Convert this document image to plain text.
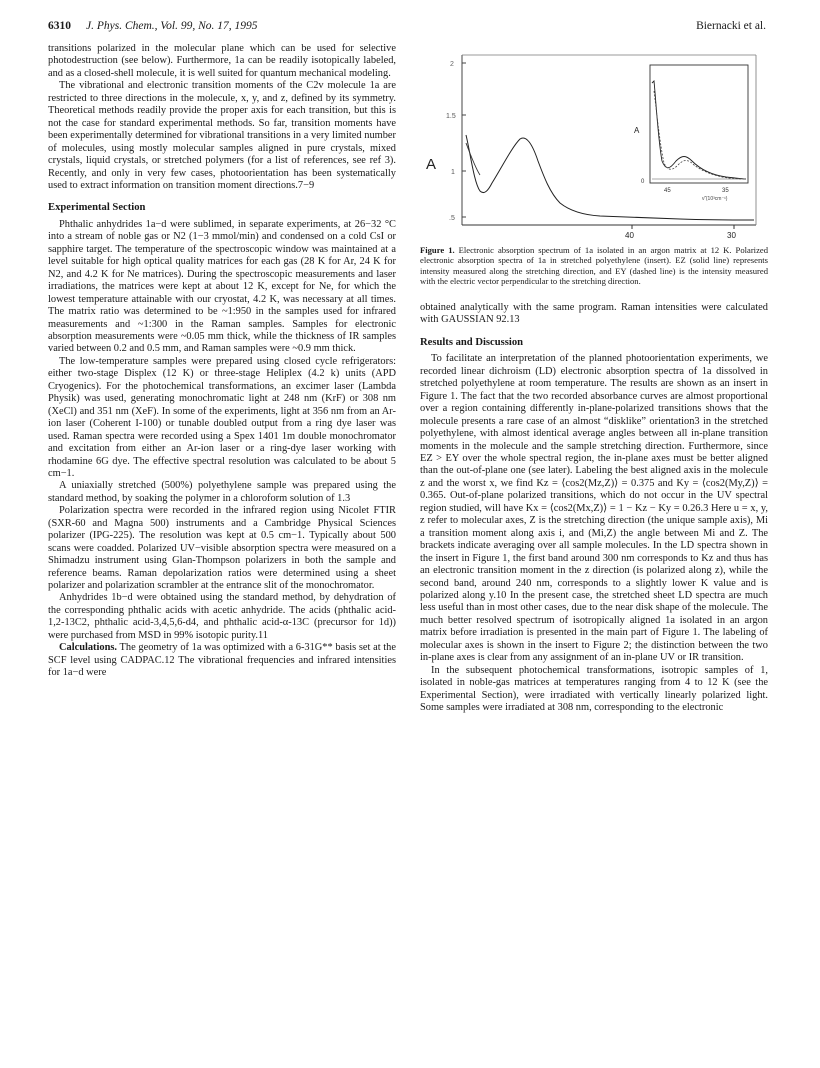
6310 J. Phys. Chem., Vol. 99, No. 17, 1995	Biernacki et al.

transitions polarized in the molecular plane which can be used for selective photodestruction (see below). Furthermore, 1a can be readily isotopically labeled, and as a closed-shell molecule, it is well suited for quantum mechanical modeling.

The vibrational and electronic transition moments of the C2v molecule 1a are restricted to three directions in the molecule, x, y, and z, defined by its symmetry. Theoretical methods readily provide the proper axis for each transition, but this is not the case for standard experimental methods. So far, transition moments have been experimentally determined for vibrational transitions in a very limited number of molecules, using mostly molecular samples aligned in pure crystals, mixed crystals, liquid crystals, or stretched polymers (for a list of references, see ref 3). Recently, and only in very few cases, photoorientation has been systematically used to extract information on transition moment directions.7−9

Experimental Section

Phthalic anhydrides 1a−d were sublimed, in separate experiments, at 26−32 °C into a stream of noble gas or N2 (1−3 mmol/min) and condensed on a cold CsI or sapphire target. The temperature of the spectroscopic window was maintained at a level suitable for high optical quality matrices for each gas (28 K for Ar, 24 K for N2, and 4.2 K for Ne matrices). During the spectroscopic measurements and laser irradiations, the matrices were kept at about 12 K, except for Ne, for which the lowest temperature attainable with our cryostat, 4.2 K, was necessary at all times. The matrix ratio was determined to be ~1:950 in the samples used for infrared measurements and ~1:300 in the Raman samples. Samples for electronic absorption measurements were ~0.05 mm thick, while the thickness of IR samples varied between 0.2 and 0.5 mm, and Raman samples were ~0.9 mm thick.

The low-temperature samples were prepared using closed cycle refrigerators: either two-stage Displex (12 K) or three-stage Heliplex (4.2 k) units (APD Cryogenics). For the photochemical transformations, an excimer laser (Lambda Physik) was used, generating monochromatic light at 248 nm (KrF) or 308 nm (XeCl) and 351 nm (XeF). In some of the experiments, light at 356 nm from an Ar-ion laser (Coherent I-100) or tunable doubled output from a ring dye laser was used. Raman spectra were recorded using a Spex 1401 1m double monochromator and excitation from either an Ar-ion laser or a ring-dye laser working with rhodamine 6G dye. The effective spectral resolution was calculated to be about 5 cm−1.

A uniaxially stretched (500%) polyethylene sample was prepared using the standard method, by soaking the polymer in a chloroform solution of 1.3

Polarization spectra were recorded in the infrared region using Nicolet FTIR (SXR-60 and Magna 500) instruments and a Cambridge Physical Sciences polarizer (IPG-225). The resolution was kept at 0.5 cm−1. Typically about 500 scans were coadded. Polarized UV−visible absorption spectra were measured on a Shimadzu instrument using Glan-Thompson polarizers in both the sample and reference beams. Raman depolarization ratios were determined using a sheet polarizer and polarization scrambler at the entrance slit of the monochromator.

Anhydrides 1b−d were obtained using the standard method, by dehydration of the corresponding phthalic acids with acetic anhydride. The acids (phthalic acid-1,2-13C2, phthalic acid-3,4,5,6-d4, and phthalic acid-α-13C (precursor for 1d)) were purchased from MSD in 99% isotopic purity.11

Calculations. The geometry of 1a was optimized with a 6-31G** basis set at the SCF level using CADPAC.12 The vibrational frequencies and infrared intensities for 1a−d were

2
1.5
1
.5
A
40	30
A
0
45	35
ν̃ (10³cm⁻¹)
Figure 1. Electronic absorption spectrum of 1a isolated in an argon matrix at 12 K. Polarized electronic absorption spectra of 1a in stretched polyethylene (insert). EZ (solid line) represents intensity measured along the stretching direction, and EY (dashed line) is the intensity measured with the electric vector perpendicular to the stretching direction.

obtained analytically with the same program. Raman intensities were calculated with GAUSSIAN 92.13

Results and Discussion

To facilitate an interpretation of the planned photoorientation experiments, we recorded linear dichroism (LD) electronic absorption spectra of 1a dissolved in stretched polyethylene at room temperature. The results are shown as an insert in Figure 1. The fact that the two recorded absorbance curves are almost proportional over a region containing differently in-plane-polarized transitions shows that the molecule presents a rare case of an almost “disklike” orientation3 in the stretched polyethylene, with almost identical average angles between all in-plane transition moments in the molecule and the sample stretching direction. Furthermore, since EZ > EY over the whole spectral region, the in-plane axes must be better aligned than the out-of-plane one (see later). Labeling the best aligned axis in the molecule z and the worst x, we find Kz = ⟨cos2(Mz,Z)⟩ = 0.375 and Ky = ⟨cos2(My,Z)⟩ = 0.365. Out-of-plane polarized transitions, which do not occur in the UV spectral region studied, will have Kx = ⟨cos2(Mx,Z)⟩ = 1 − Kz − Ky = 0.26.3 Here u = x, y, z refer to molecular axes, Z is the stretching direction (the unique sample axis), Mi a transition moment along axis i, and (Mi,Z) the angle between Mi and Z. The brackets indicate averaging over all sample molecules. In the LD spectra shown in the insert in Figure 1, the first band around 300 nm corresponds to Kz and thus has an electronic transition moment in the z direction (is polarized along z), while the second band, around 240 nm, corresponds to a slightly lower K value and is polarized along y.10 In the present case, the stretched sheet LD spectra are much less useful than in most other cases, due to the near disk shape of the molecule. The much better resolved spectrum of isotropically aligned 1a isolated in an argon matrix before irradiation is presented in the main part of Figure 1. The labeling of molecular axes is shown in the insert to Figure 2; the distinction between the two in-plane axes is clear from any assignment of an in-plane UV or IR transition.

In the subsequent photochemical transformations, isotropic samples of 1, isolated in noble-gas matrices at temperatures ranging from 4 to 12 K (see the Experimental Section), were irradiated with vertically linearly polarized light. Some samples were irradiated at 308 nm, corresponding to the electronic
